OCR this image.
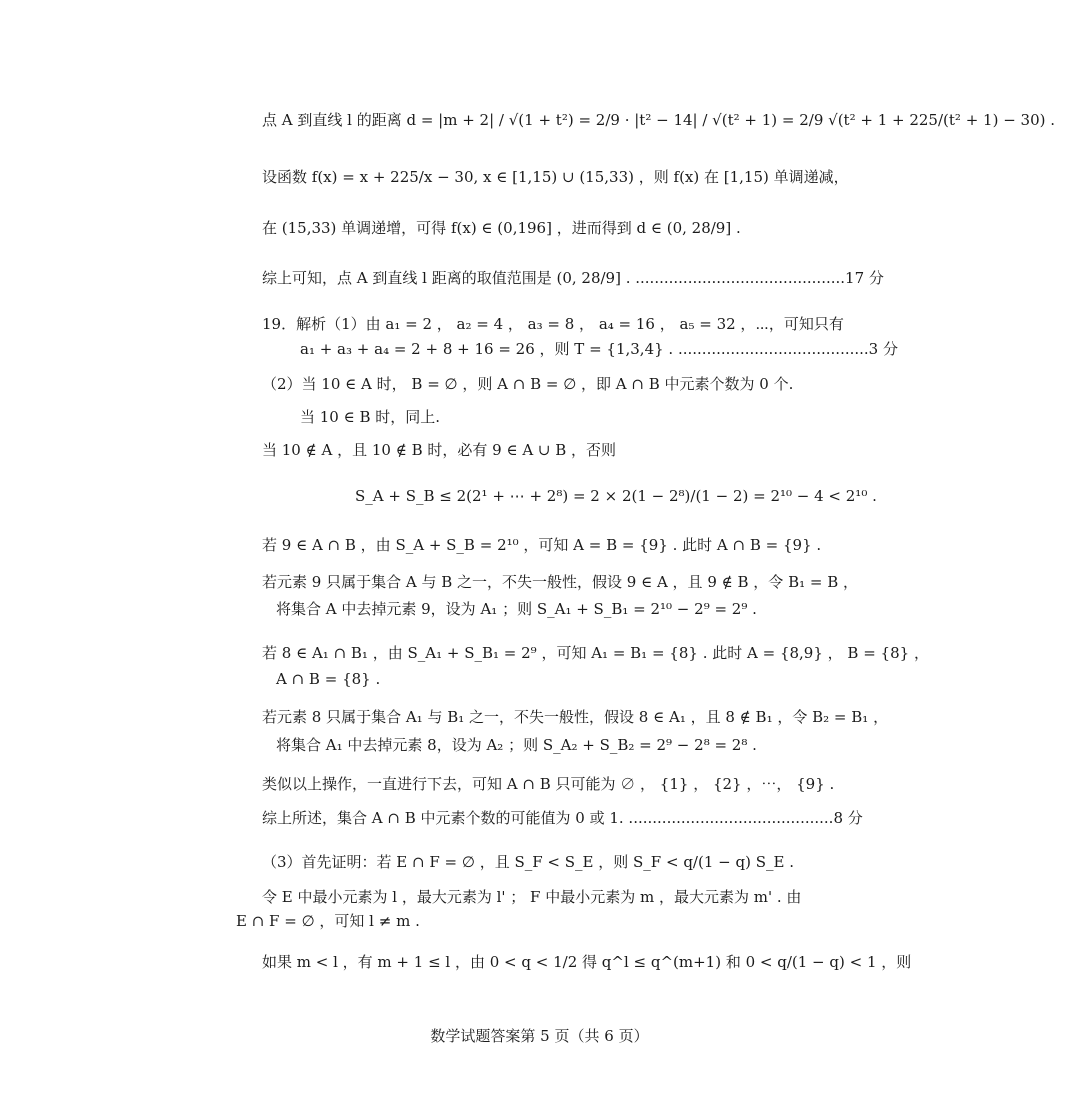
点 A 到直线 l 的距离 d = |m + 2| / √(1 + t²) = 2/9 · |t² − 14| / √(t² + 1) = 2/9 √(t² + 1 + 225/(t² + 1) − 30) .
设函数 f(x) = x + 225/x − 30, x ∈ [1,15) ∪ (15,33) ，则 f(x) 在 [1,15) 单调递减，
在 (15,33) 单调递增，可得 f(x) ∈ (0,196] ，进而得到 d ∈ (0, 28/9] .
综上可知，点 A 到直线 l 距离的取值范围是 (0, 28/9] . ............................................17 分
19．解析（1）由 a₁ = 2 ， a₂ = 4 ， a₃ = 8 ， a₄ = 16 ， a₅ = 32 ，⋯，可知只有
a₁ + a₃ + a₄ = 2 + 8 + 16 = 26 ，则 T = {1,3,4} . ........................................3 分
（2）当 10 ∈ A 时， B = ∅ ，则 A ∩ B = ∅ ，即 A ∩ B 中元素个数为 0 个.
当 10 ∈ B 时，同上.
当 10 ∉ A ，且 10 ∉ B 时，必有 9 ∈ A ∪ B ，否则
S_A + S_B ≤ 2(2¹ + ⋯ + 2⁸) = 2 × 2(1 − 2⁸)/(1 − 2) = 2¹⁰ − 4 < 2¹⁰ .
若 9 ∈ A ∩ B ，由 S_A + S_B = 2¹⁰ ，可知 A = B = {9} . 此时 A ∩ B = {9} .
若元素 9 只属于集合 A 与 B 之一，不失一般性，假设 9 ∈ A ，且 9 ∉ B ，令 B₁ = B ，
将集合 A 中去掉元素 9，设为 A₁ ；则 S_A₁ + S_B₁ = 2¹⁰ − 2⁹ = 2⁹ .
若 8 ∈ A₁ ∩ B₁ ，由 S_A₁ + S_B₁ = 2⁹ ，可知 A₁ = B₁ = {8} . 此时 A = {8,9} ， B = {8} ，
A ∩ B = {8} .
若元素 8 只属于集合 A₁ 与 B₁ 之一，不失一般性，假设 8 ∈ A₁ ，且 8 ∉ B₁ ，令 B₂ = B₁ ，
将集合 A₁ 中去掉元素 8，设为 A₂ ；则 S_A₂ + S_B₂ = 2⁹ − 2⁸ = 2⁸ .
类似以上操作，一直进行下去，可知 A ∩ B 只可能为 ∅ ， {1} ， {2} ，⋯， {9} .
综上所述，集合 A ∩ B 中元素个数的可能值为 0 或 1. ...........................................8 分
（3）首先证明：若 E ∩ F = ∅ ，且 S_F < S_E ，则 S_F < q/(1 − q) S_E .
令 E 中最小元素为 l ，最大元素为 l' ； F 中最小元素为 m ，最大元素为 m' . 由
E ∩ F = ∅ ，可知 l ≠ m .
如果 m < l ，有 m + 1 ≤ l ，由 0 < q < 1/2 得 q^l ≤ q^(m+1) 和 0 < q/(1 − q) < 1 ，则
数学试题答案第 5 页（共 6 页）
